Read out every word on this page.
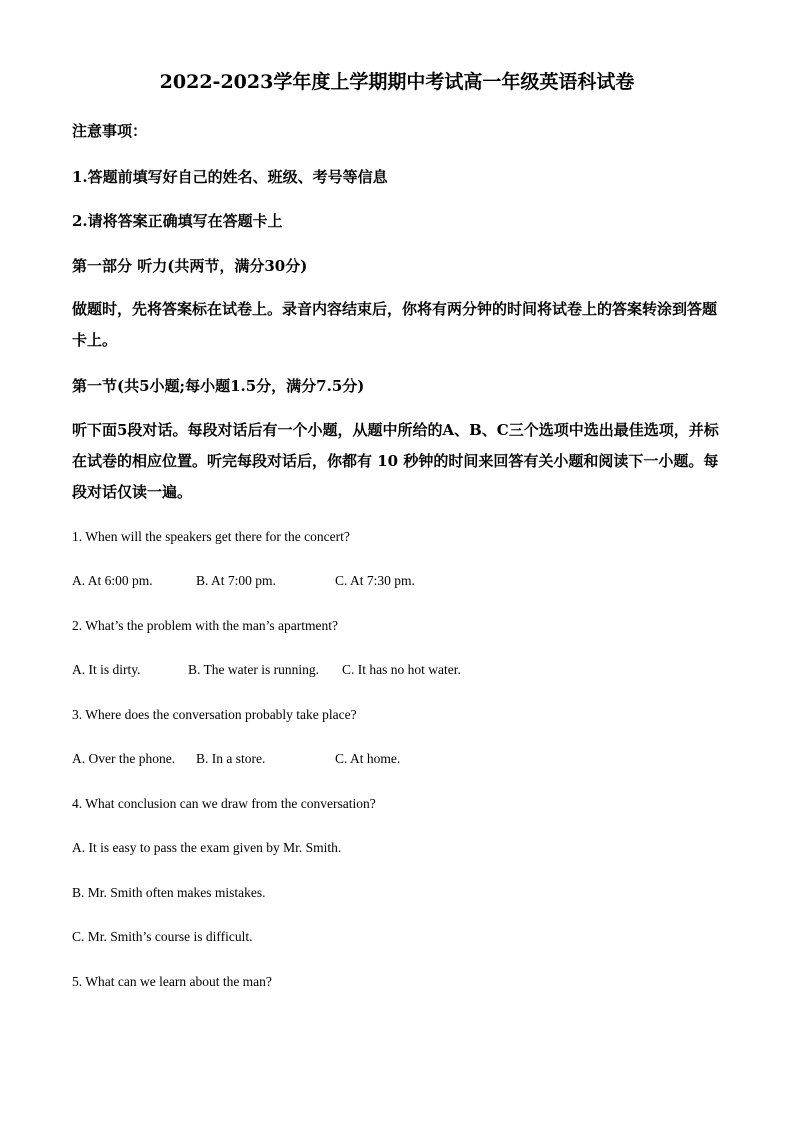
2022-2023学年度上学期期中考试高一年级英语科试卷
注意事项：
1.答题前填写好自己的姓名、班级、考号等信息
2.请将答案正确填写在答题卡上
第一部分 听力(共两节，满分30分)
做题时，先将答案标在试卷上。录音内容结束后，你将有两分钟的时间将试卷上的答案转涂到答题卡上。
第一节(共5小题;每小题1.5分，满分7.5分)
听下面5段对话。每段对话后有一个小题，从题中所给的A、B、C三个选项中选出最佳选项，并标在试卷的相应位置。听完每段对话后，你都有 10 秒钟的时间来回答有关小题和阅读下一小题。每段对话仅读一遍。
1. When will the speakers get there for the concert?
A. At 6:00 pm.	B. At 7:00 pm.	C. At 7:30 pm.
2. What’s the problem with the man’s apartment?
A. It is dirty.	B. The water is running. C. It has no hot water.
3. Where does the conversation probably take place?
A. Over the phone. B. In a store.	C. At home.
4. What conclusion can we draw from the conversation?
A. It is easy to pass the exam given by Mr. Smith.
B. Mr. Smith often makes mistakes.
C. Mr. Smith’s course is difficult.
5. What can we learn about the man?
